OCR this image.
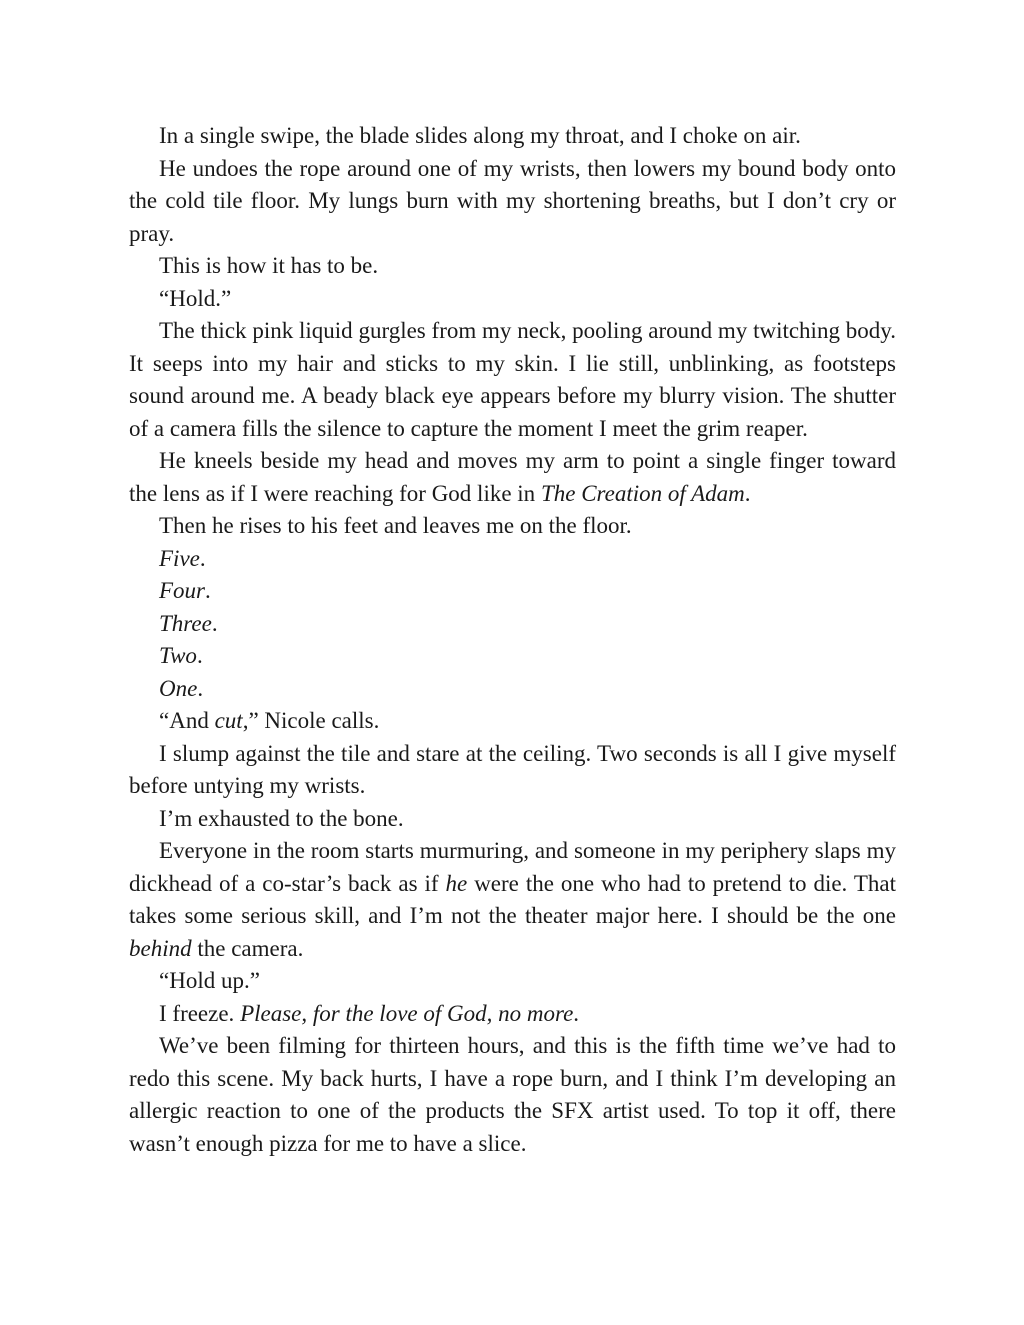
In a single swipe, the blade slides along my throat, and I choke on air.

He undoes the rope around one of my wrists, then lowers my bound body onto the cold tile floor. My lungs burn with my shortening breaths, but I don’t cry or pray.

This is how it has to be.

“Hold.”

The thick pink liquid gurgles from my neck, pooling around my twitching body. It seeps into my hair and sticks to my skin. I lie still, unblinking, as footsteps sound around me. A beady black eye appears before my blurry vision. The shutter of a camera fills the silence to capture the moment I meet the grim reaper.

He kneels beside my head and moves my arm to point a single finger toward the lens as if I were reaching for God like in The Creation of Adam.

Then he rises to his feet and leaves me on the floor.

Five.

Four.

Three.

Two.

One.

“And cut,” Nicole calls.

I slump against the tile and stare at the ceiling. Two seconds is all I give myself before untying my wrists.

I’m exhausted to the bone.

Everyone in the room starts murmuring, and someone in my periphery slaps my dickhead of a co-star’s back as if he were the one who had to pretend to die. That takes some serious skill, and I’m not the theater major here. I should be the one behind the camera.

“Hold up.”

I freeze. Please, for the love of God, no more.

We’ve been filming for thirteen hours, and this is the fifth time we’ve had to redo this scene. My back hurts, I have a rope burn, and I think I’m developing an allergic reaction to one of the products the SFX artist used. To top it off, there wasn’t enough pizza for me to have a slice.
